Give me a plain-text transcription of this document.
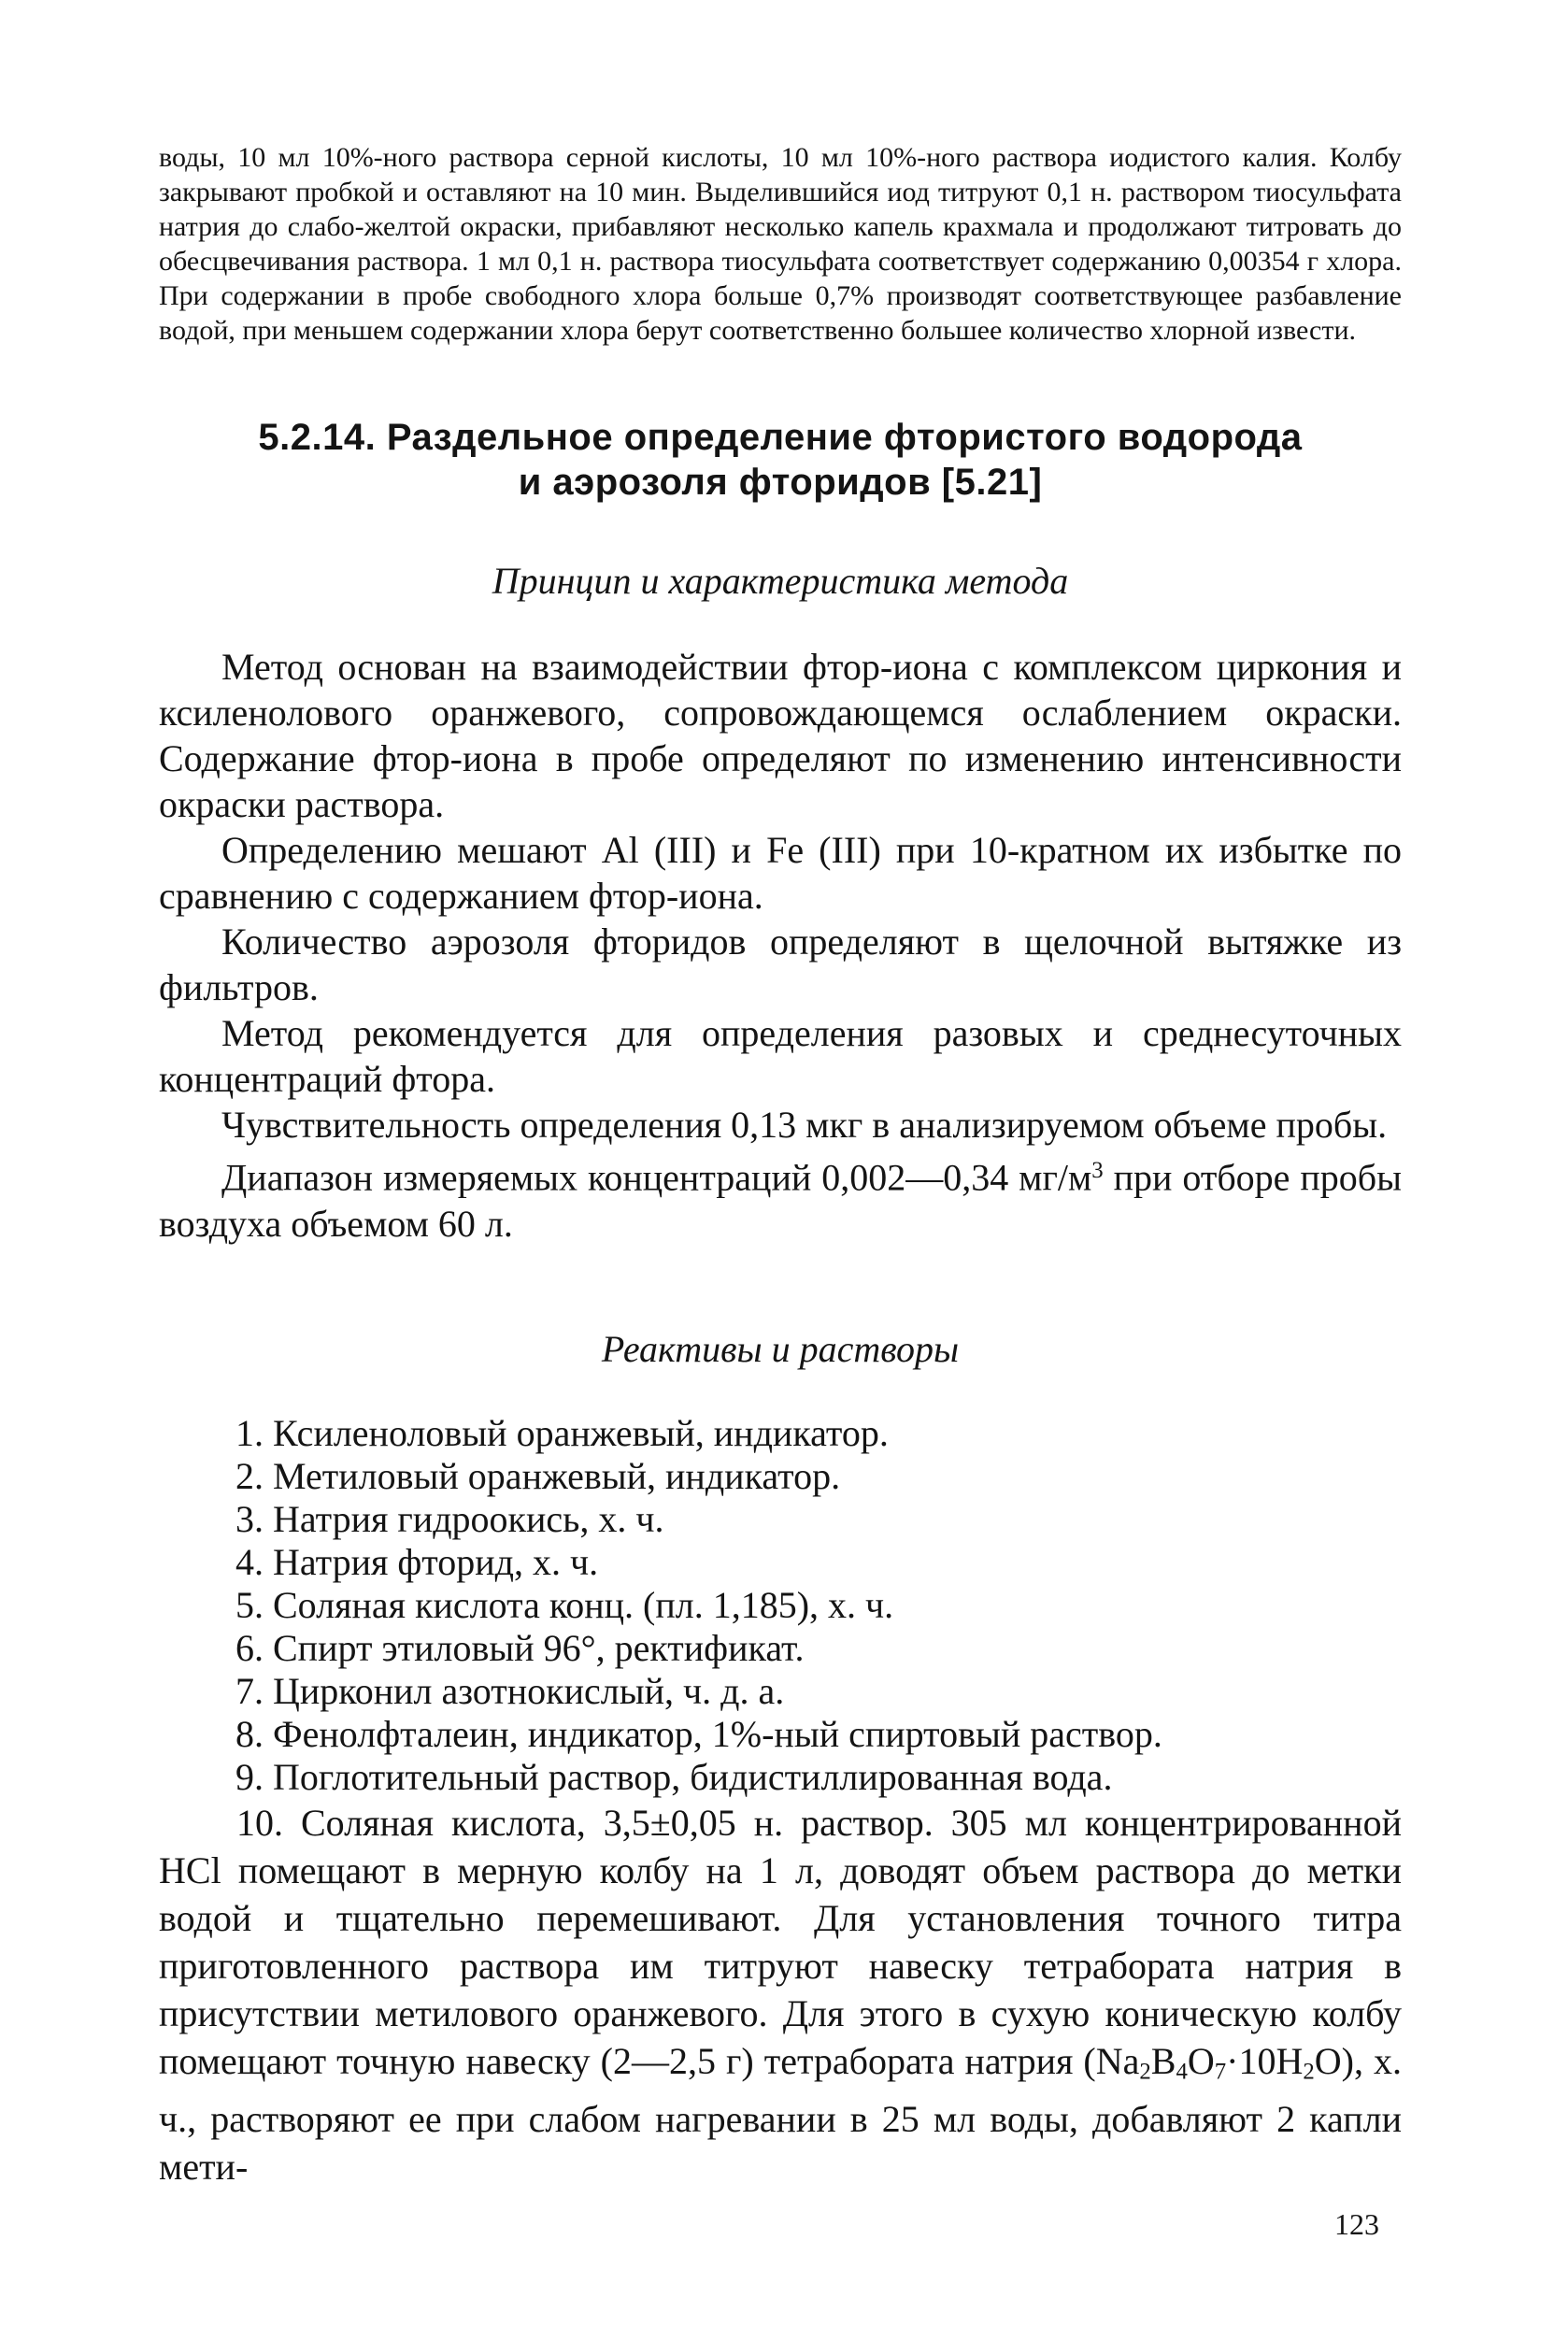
воды, 10 мл 10%-ного раствора серной кислоты, 10 мл 10%-ного раствора иодистого калия. Колбу закрывают пробкой и оставляют на 10 мин. Выделившийся иод титруют 0,1 н. раствором тиосульфата натрия до слабо-желтой окраски, прибавляют несколько капель крахмала и продолжают титровать до обесцвечивания раствора. 1 мл 0,1 н. раствора тиосульфата соответствует содержанию 0,00354 г хлора. При содержании в пробе свободного хлора больше 0,7% производят соответствующее разбавление водой, при меньшем содержании хлора берут соответственно большее количество хлорной извести.

5.2.14. Раздельное определение фтористого водорода
и аэрозоля фторидов [5.21]

Принцип и характеристика метода

Метод основан на взаимодействии фтор-иона с комплексом циркония и ксиленолового оранжевого, сопровождающемся ослаблением окраски. Содержание фтор-иона в пробе определяют по изменению интенсивности окраски раствора.

Определению мешают Al (III) и Fe (III) при 10-кратном их избытке по сравнению с содержанием фтор-иона.

Количество аэрозоля фторидов определяют в щелочной вытяжке из фильтров.

Метод рекомендуется для определения разовых и среднесуточных концентраций фтора.

Чувствительность определения 0,13 мкг в анализируемом объеме пробы.

Диапазон измеряемых концентраций 0,002—0,34 $мг/м^3$ при отборе пробы воздуха объемом 60 л.

Реактивы и растворы

1. Ксиленоловый оранжевый, индикатор.
2. Метиловый оранжевый, индикатор.
3. Натрия гидроокись, х. ч.
4. Натрия фторид, х. ч.
5. Соляная кислота конц. (пл. 1,185), х. ч.
6. Спирт этиловый 96°, ректификат.
7. Цирконил азотнокислый, ч. д. а.
8. Фенолфталеин, индикатор, 1%-ный спиртовый раствор.
9. Поглотительный раствор, бидистиллированная вода.

10. Соляная кислота, 3,5±0,05 н. раствор. 305 мл концентрированной HCl помещают в мерную колбу на 1 л, доводят объем раствора до метки водой и тщательно перемешивают. Для установления точного титра приготовленного раствора им титруют навеску тетрабората натрия в присутствии метилового оранжевого. Для этого в сухую коническую колбу помещают точную навеску (2—2,5 г) тетрабората натрия $(Na_2B_4O_7\cdot 10H_2O)$, х. ч., растворяют ее при слабом нагревании в 25 мл воды, добавляют 2 капли мети-

123
